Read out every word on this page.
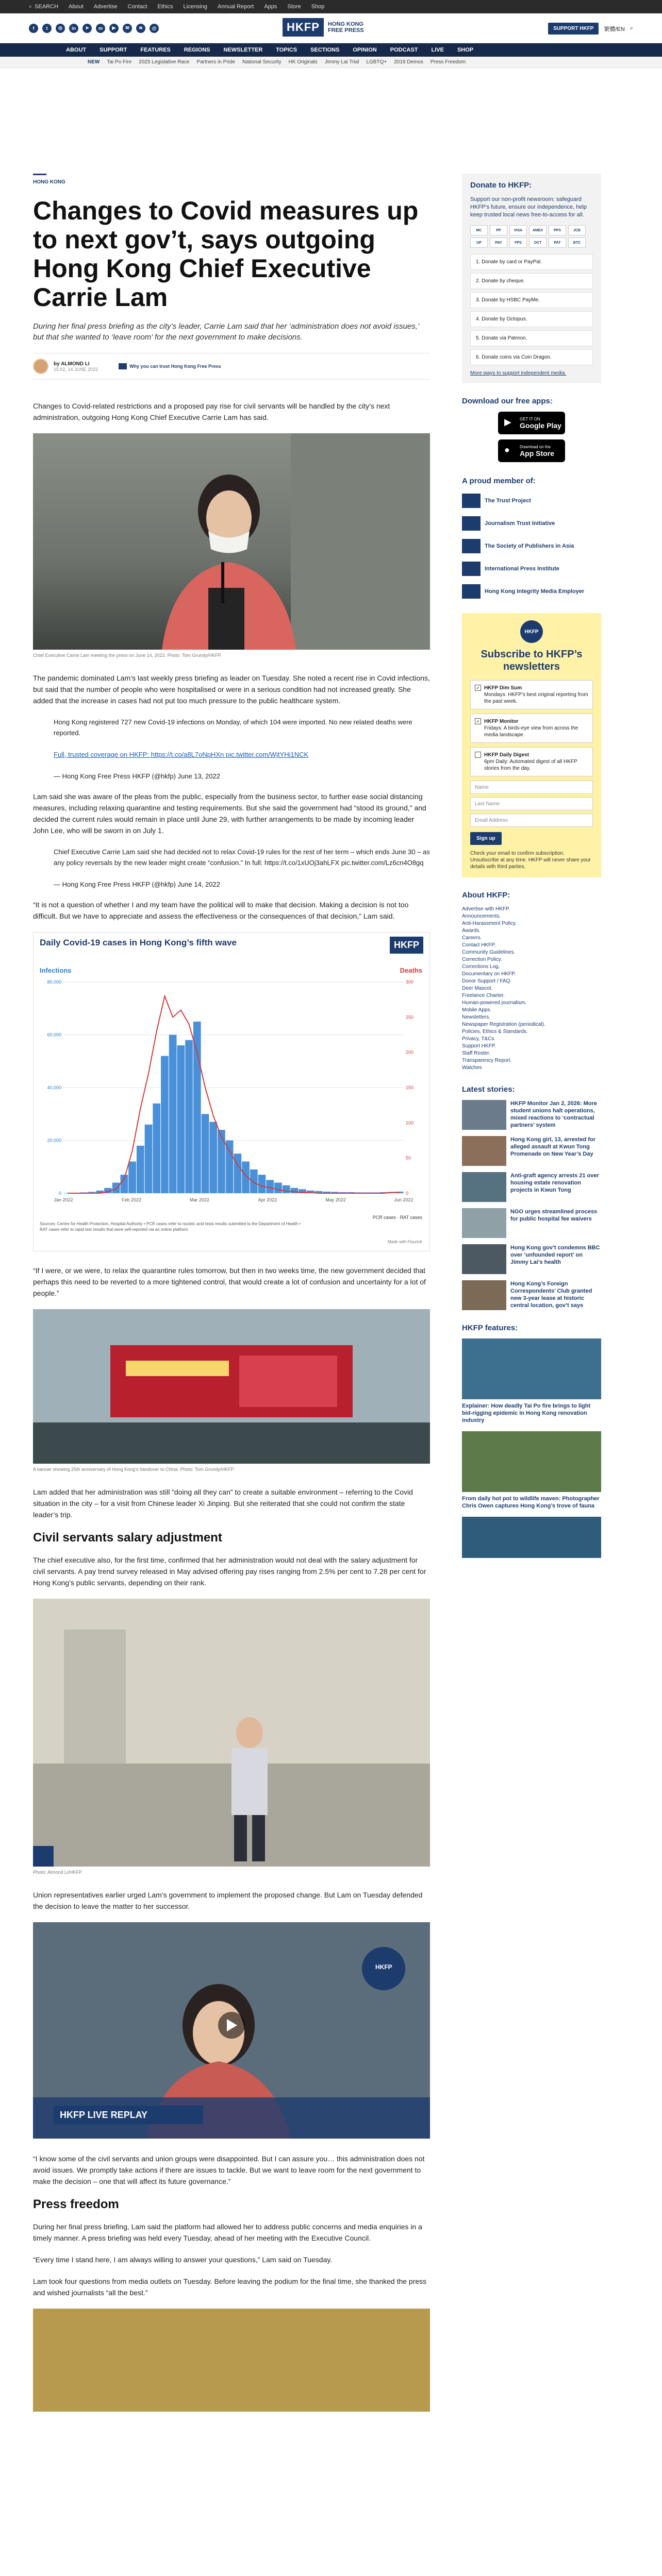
⌕ SEARCH About Advertise Contact Ethics Licensing Annual Report Apps Store Shop
f	t	◎	in	➤	m	▶	✉	≋	@	HKFP	HONG KONG
FREE PRESS	SUPPORT HKFP	繁體/EN ⌕
ABOUT SUPPORT FEATURES REGIONS NEWSLETTER TOPICS SECTIONS OPINION PODCAST LIVE SHOP
NEW Tai Po Fire 2025 Legislative Race Partners in Pride National Security HK Originals Jimmy Lai Trial LGBTQ+ 2019 Demos Press Freedom
HONG KONG
Changes to Covid measures up to next gov’t, says outgoing Hong Kong Chief Executive Carrie Lam
During her final press briefing as the city’s leader, Carrie Lam said that her ‘administration does not avoid issues,’ but that she wanted to ‘leave room’ for the next government to make decisions.
by ALMOND LI
15:02, 14 JUNE 2022
Why you can trust Hong Kong Free Press

Changes to Covid-related restrictions and a proposed pay rise for civil servants will be handled by the city’s next administration, outgoing Hong Kong Chief Executive Carrie Lam has said.

Chief Executive Carrie Lam meeting the press on June 14, 2022. Photo: Tom Grundy/HKFP.

The pandemic dominated Lam’s last weekly press briefing as leader on Tuesday. She noted a recent rise in Covid infections, but said that the number of people who were hospitalised or were in a serious condition had not increased greatly. She added that the increase in cases had not put too much pressure to the public healthcare system.

Hong Kong registered 727 new Covid-19 infections on Monday, of which 104 were imported. No new related deaths were reported.

Full, trusted coverage on HKFP: https://t.co/a8L7oNpHXn pic.twitter.com/WjtYHi1NCK

— Hong Kong Free Press HKFP (@hkfp) June 13, 2022

Lam said she was aware of the pleas from the public, especially from the business sector, to further ease social distancing measures, including relaxing quarantine and testing requirements. But she said the government had “stood its ground,” and decided the current rules would remain in place until June 29, with further arrangements to be made by incoming leader John Lee, who will be sworn in on July 1.

Chief Executive Carrie Lam said she had decided not to relax Covid-19 rules for the rest of her term – which ends June 30 – as any policy reversals by the new leader might create “confusion.” In full: https://t.co/1xUOj3ahLFX pic.twitter.com/Lz6cn4O8gq

— Hong Kong Free Press HKFP (@hkfp) June 14, 2022

“It is not a question of whether I and my team have the political will to make that decision. Making a decision is not too difficult. But we have to appreciate and assess the effectiveness or the consequences of that decision,” Lam said.

Daily Covid-19 cases in Hong Kong’s fifth wave	HKFP
Infections	Deaths
80,000
60,000
40,000
20,000
0
300
250
200
150
100
50
0
Jan 2022	Feb 2022	Mar 2022	Apr 2022	May 2022	Jun 2022
Sources: Centre for Health Protection, Hospital Authority • PCR cases refer to nucleic acid tests results submitted to the Department of Health • RAT cases refer to rapid test results that were self-reported via an online platform
PCR cases · RAT cases
Made with Flourish

“If I were, or we were, to relax the quarantine rules tomorrow, but then in two weeks time, the new government decided that perhaps this need to be reverted to a more tightened control, that would create a lot of confusion and uncertainty for a lot of people.”

A banner showing 25th anniversary of Hong Kong’s handover to China. Photo: Tom Grundy/HKFP.

Lam added that her administration was still “doing all they can” to create a suitable environment – referring to the Covid situation in the city – for a visit from Chinese leader Xi Jinping. But she reiterated that she could not confirm the state leader’s trip.

Civil servants salary adjustment

The chief executive also, for the first time, confirmed that her administration would not deal with the salary adjustment for civil servants. A pay trend survey released in May advised offering pay rises ranging from 2.5% per cent to 7.28 per cent for Hong Kong’s public servants, depending on their rank.

Photo: Almond Li/HKFP.

Union representatives earlier urged Lam’s government to implement the proposed change. But Lam on Tuesday defended the decision to leave the matter to her successor.

HKFP LIVE REPLAY
HKFP

“I know some of the civil servants and union groups were disappointed. But I can assure you… this administration does not avoid issues. We promptly take actions if there are issues to tackle. But we want to leave room for the next government to make the decision – one that will affect its future governance.”

Press freedom

During her final press briefing, Lam said the platform had allowed her to address public concerns and media enquiries in a timely manner. A press briefing was held every Tuesday, ahead of her meeting with the Executive Council.

“Every time I stand here, I am always willing to answer your questions,” Lam said on Tuesday.

Lam took four questions from media outlets on Tuesday. Before leaving the podium for the final time, she thanked the press and wished journalists “all the best.”

Donate to HKFP:
Support our non-profit newsroom: safeguard HKFP’s future, ensure our independence, help keep trusted local news free-to-access for all.
MC	PP	VISA	AMEX	PPS	JCB
UP	PAY	FPS	OCT	PAT	BTC
1. Donate by card or PayPal.
2. Donate by cheque.
3. Donate by HSBC PayMe.
4. Donate by Octopus.
5. Donate via Patreon.
6. Donate coins via Coin Dragon.
More ways to support independent media.
Download our free apps:
▶	GET IT ON
Google Play
●	Download on the
App Store
A proud member of:
The Trust Project
Journalism Trust Initiative
The Society of Publishers in Asia
International Press Institute
Hong Kong Integrity Media Employer
HKFP
Subscribe to HKFP’s newsletters
✓ HKFP Dim Sum
Mondays: HKFP’s best original reporting from the past week.
✓ HKFP Monitor
Fridays: A birds-eye view from across the media landscape.
HKFP Daily Digest
6pm Daily: Automated digest of all HKFP stories from the day.
Name
Last Name
Email Address
Sign up
Check your email to confirm subscription. Unsubscribe at any time. HKFP will never share your details with third parties.
About HKFP:
Advertise with HKFP.
Announcements.
Anti-Harassment Policy.
Awards.
Careers.
Contact HKFP.
Community Guidelines.
Correction Policy.
Corrections Log.
Documentary on HKFP.
Donor Support / FAQ.
Deer Mascot.
Freelance Charter.
Human-powered journalism.
Mobile Apps.
Newsletters.
Newspaper Registration (periodical).
Policies, Ethics & Standards.
Privacy, T&Cs.
Support HKFP.
Staff Roster.
Transparency Report.
Watches
Latest stories:
HKFP Monitor Jan 2, 2026: More student unions halt operations, mixed reactions to ‘contractual partners’ system
Hong Kong girl, 13, arrested for alleged assault at Kwun Tong Promenade on New Year’s Day
Anti-graft agency arrests 21 over housing estate renovation projects in Kwun Tong
NGO urges streamlined process for public hospital fee waivers
Hong Kong gov’t condemns BBC over ‘unfounded report’ on Jimmy Lai’s health
Hong Kong’s Foreign Correspondents’ Club granted new 3-year lease at historic central location, gov’t says
HKFP features:
Explainer: How deadly Tai Po fire brings to light bid-rigging epidemic in Hong Kong renovation industry
From daily hot pot to wildlife maven: Photographer Chris Owen captures Hong Kong’s trove of fauna
